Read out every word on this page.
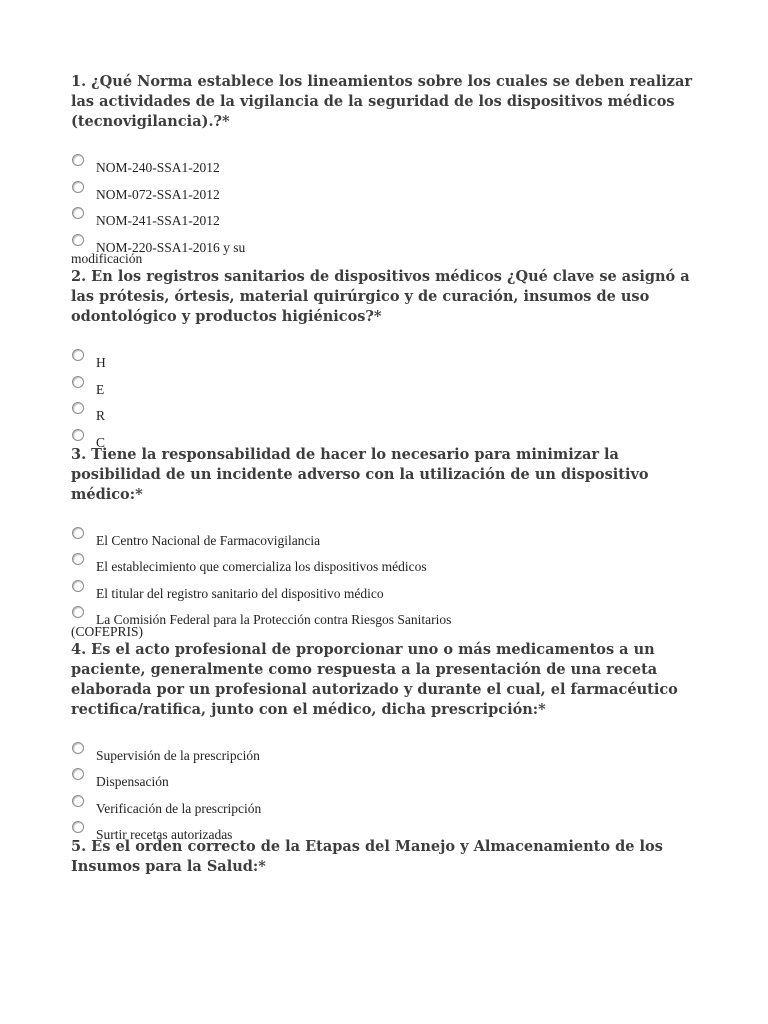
1. ¿Qué Norma establece los lineamientos sobre los cuales se deben realizar las actividades de la vigilancia de la seguridad de los dispositivos médicos (tecnovigilancia).?*

NOM-240-SSA1-2012
NOM-072-SSA1-2012
NOM-241-SSA1-2012
NOM-220-SSA1-2016 y su
modificación

2. En los registros sanitarios de dispositivos médicos ¿Qué clave se asignó a las prótesis, órtesis, material quirúrgico y de curación, insumos de uso odontológico y productos higiénicos?*

H
E
R
C

3. Tiene la responsabilidad de hacer lo necesario para minimizar la posibilidad de un incidente adverso con la utilización de un dispositivo médico:*

El Centro Nacional de Farmacovigilancia
El establecimiento que comercializa los dispositivos médicos
El titular del registro sanitario del dispositivo médico
La Comisión Federal para la Protección contra Riesgos Sanitarios
(COFEPRIS)

4. Es el acto profesional de proporcionar uno o más medicamentos a un paciente, generalmente como respuesta a la presentación de una receta elaborada por un profesional autorizado y durante el cual, el farmacéutico rectifica/ratifica, junto con el médico, dicha prescripción:*

Supervisión de la prescripción
Dispensación
Verificación de la prescripción
Surtir recetas autorizadas

5. Es el orden correcto de la Etapas del Manejo y Almacenamiento de los Insumos para la Salud:*
